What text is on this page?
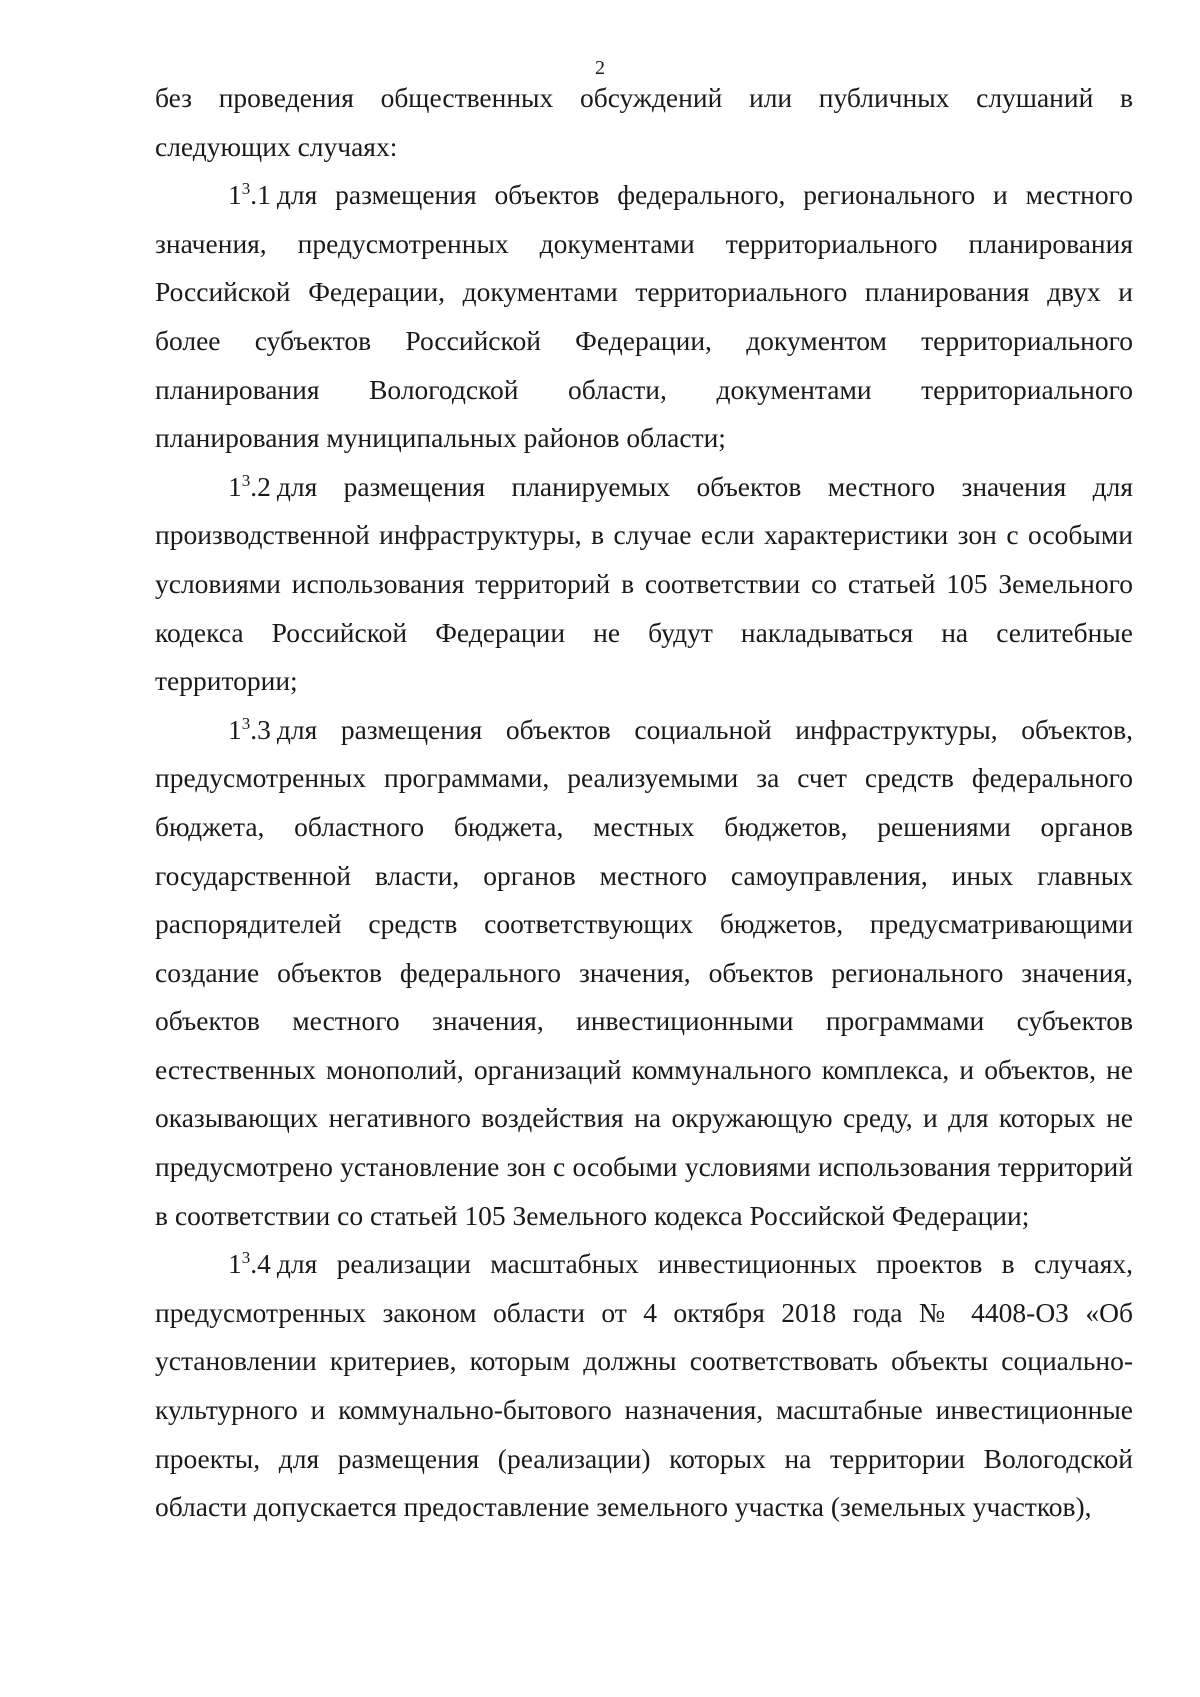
2

без проведения общественных обсуждений или публичных слушаний в следующих случаях:

$1^3.1$ для размещения объектов федерального, регионального и местного значения, предусмотренных документами территориального планирования Российской Федерации, документами территориального планирования двух и более субъектов Российской Федерации, документом территориального планирования Вологодской области, документами территориального планирования муниципальных районов области;

$1^3.2$ для размещения планируемых объектов местного значения для производственной инфраструктуры, в случае если характеристики зон с особыми условиями использования территорий в соответствии со статьей 105 Земельного кодекса Российской Федерации не будут накладываться на селитебные территории;

$1^3.3$ для размещения объектов социальной инфраструктуры, объектов, предусмотренных программами, реализуемыми за счет средств федерального бюджета, областного бюджета, местных бюджетов, решениями органов государственной власти, органов местного самоуправления, иных главных распорядителей средств соответствующих бюджетов, предусматривающими создание объектов федерального значения, объектов регионального значения, объектов местного значения, инвестиционными программами субъектов естественных монополий, организаций коммунального комплекса, и объектов, не оказывающих негативного воздействия на окружающую среду, и для которых не предусмотрено установление зон с особыми условиями использования территорий в соответствии со статьей 105 Земельного кодекса Российской Федерации;

$1^3.4$ для реализации масштабных инвестиционных проектов в случаях, предусмотренных законом области от 4 октября 2018 года № 4408-ОЗ «Об установлении критериев, которым должны соответствовать объекты социально-культурного и коммунально-бытового назначения, масштабные инвестиционные проекты, для размещения (реализации) которых на территории Вологодской области допускается предоставление земельного участка (земельных участков),
